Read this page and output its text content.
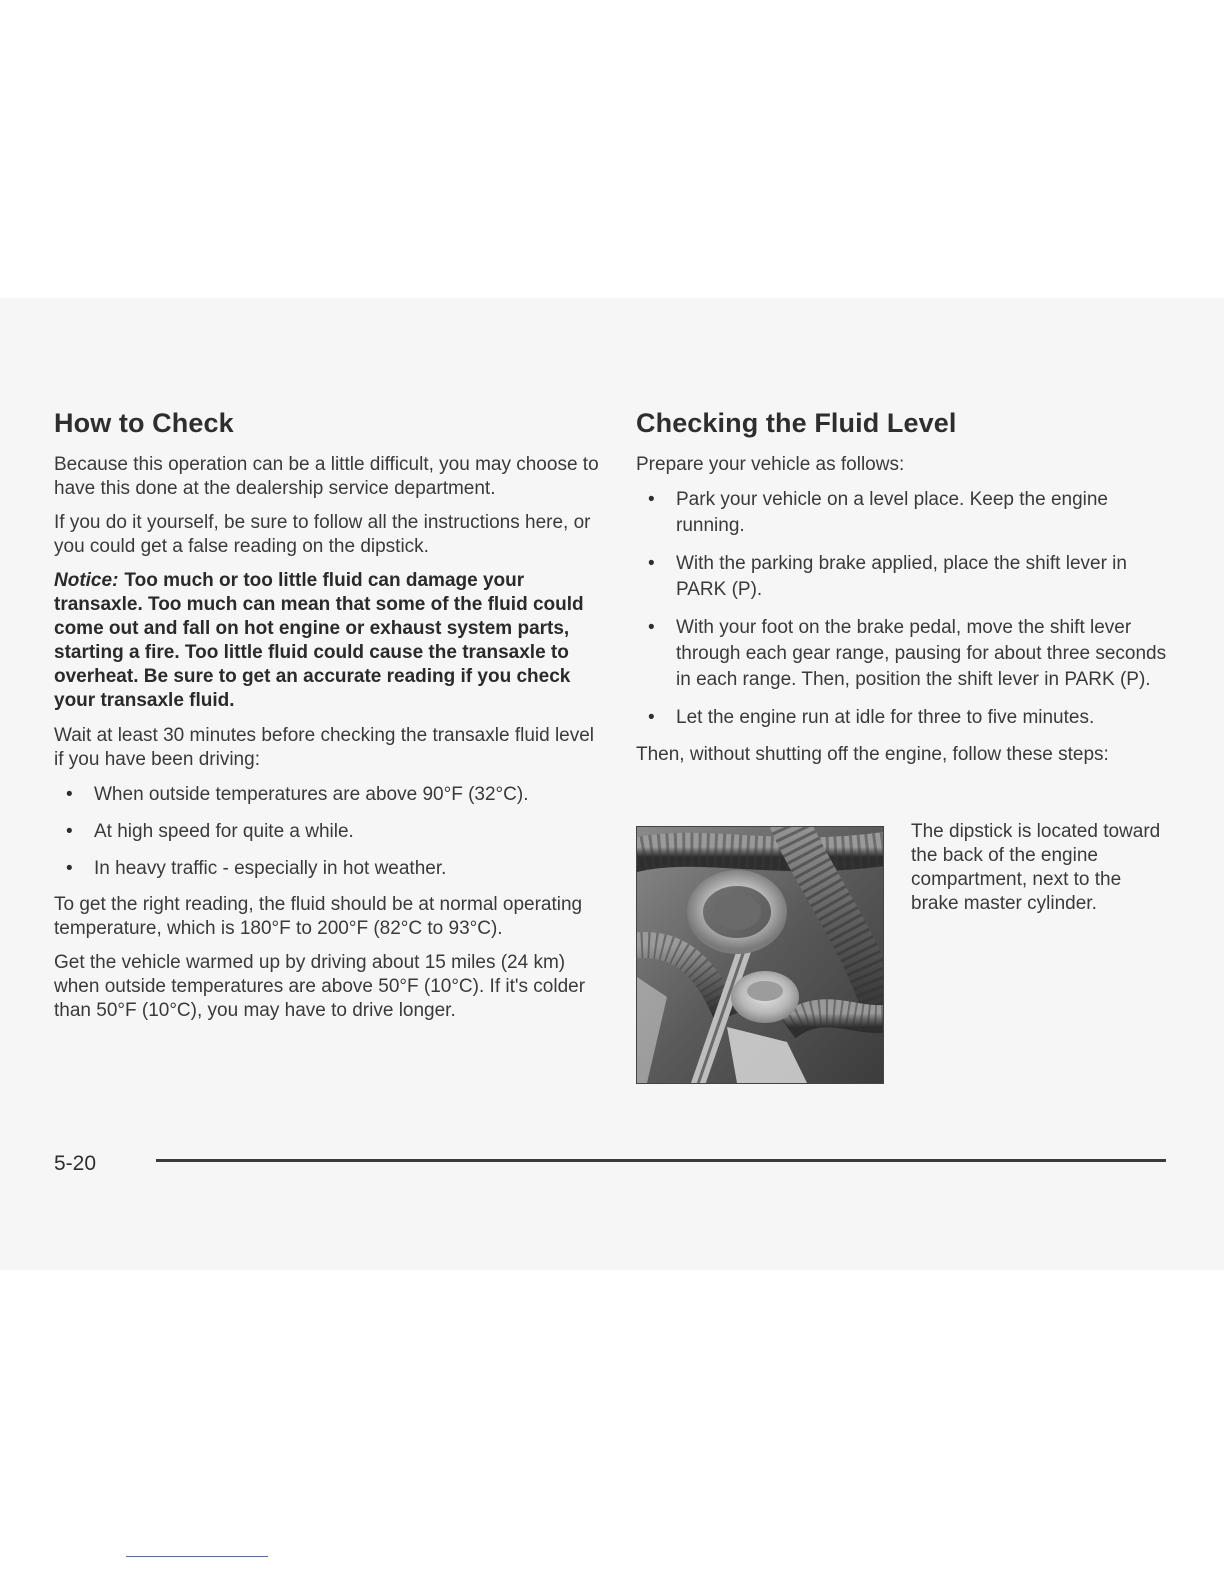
How to Check

Because this operation can be a little difficult, you may choose to have this done at the dealership service department.

If you do it yourself, be sure to follow all the instructions here, or you could get a false reading on the dipstick.

Notice: Too much or too little fluid can damage your transaxle. Too much can mean that some of the fluid could come out and fall on hot engine or exhaust system parts, starting a fire. Too little fluid could cause the transaxle to overheat. Be sure to get an accurate reading if you check your transaxle fluid.

Wait at least 30 minutes before checking the transaxle fluid level if you have been driving:

• When outside temperatures are above 90°F (32°C).
• At high speed for quite a while.
• In heavy traffic - especially in hot weather.

To get the right reading, the fluid should be at normal operating temperature, which is 180°F to 200°F (82°C to 93°C).

Get the vehicle warmed up by driving about 15 miles (24 km) when outside temperatures are above 50°F (10°C). If it's colder than 50°F (10°C), you may have to drive longer.

Checking the Fluid Level

Prepare your vehicle as follows:

• Park your vehicle on a level place. Keep the engine running.
• With the parking brake applied, place the shift lever in PARK (P).
• With your foot on the brake pedal, move the shift lever through each gear range, pausing for about three seconds in each range. Then, position the shift lever in PARK (P).
• Let the engine run at idle for three to five minutes.

Then, without shutting off the engine, follow these steps:

The dipstick is located toward the back of the engine compartment, next to the brake master cylinder.

5-20
